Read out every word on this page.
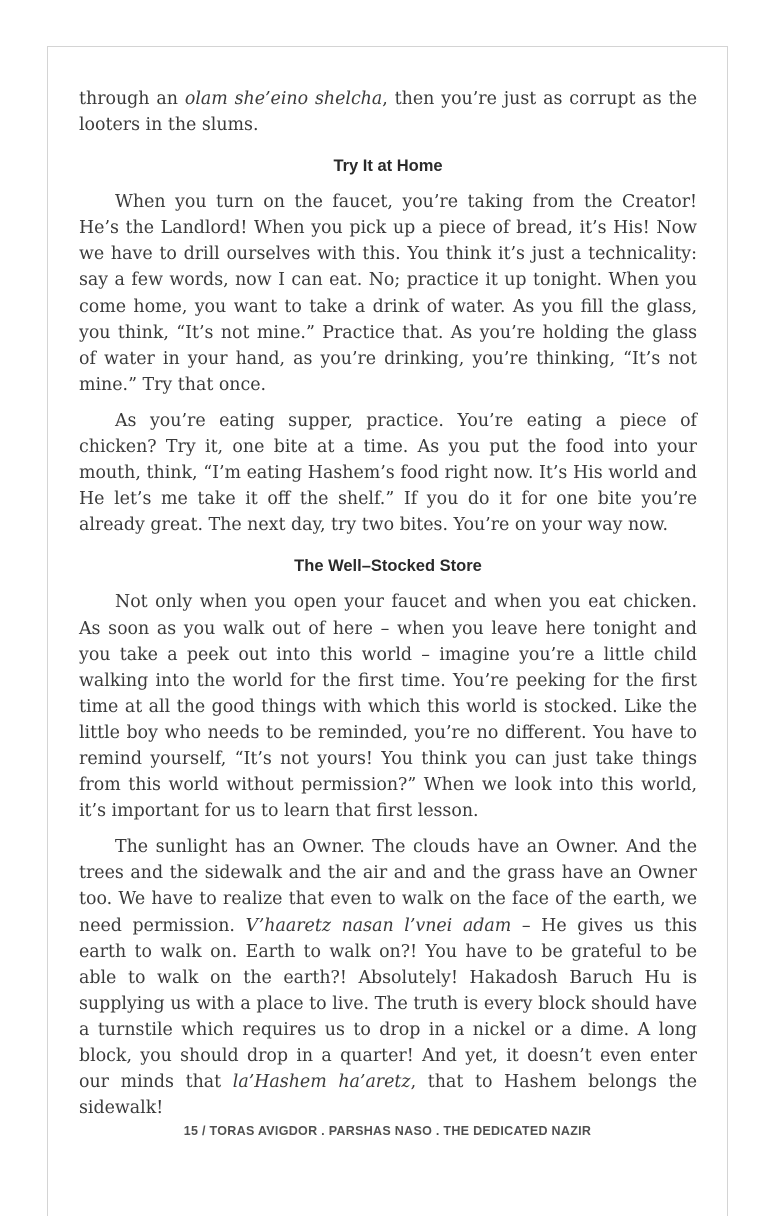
through an olam she’eino shelcha, then you’re just as corrupt as the looters in the slums.

Try It at Home

When you turn on the faucet, you’re taking from the Creator! He’s the Landlord! When you pick up a piece of bread, it’s His! Now we have to drill ourselves with this. You think it’s just a technicality: say a few words, now I can eat. No; practice it up tonight. When you come home, you want to take a drink of water. As you fill the glass, you think, “It’s not mine.” Practice that. As you’re holding the glass of water in your hand, as you’re drinking, you’re thinking, “It’s not mine.” Try that once.

As you’re eating supper, practice. You’re eating a piece of chicken? Try it, one bite at a time. As you put the food into your mouth, think, “I’m eating Hashem’s food right now. It’s His world and He let’s me take it off the shelf.” If you do it for one bite you’re already great. The next day, try two bites. You’re on your way now.

The Well–Stocked Store

Not only when you open your faucet and when you eat chicken. As soon as you walk out of here – when you leave here tonight and you take a peek out into this world – imagine you’re a little child walking into the world for the first time. You’re peeking for the first time at all the good things with which this world is stocked. Like the little boy who needs to be reminded, you’re no different. You have to remind yourself, “It’s not yours! You think you can just take things from this world without permission?” When we look into this world, it’s important for us to learn that first lesson.

The sunlight has an Owner. The clouds have an Owner. And the trees and the sidewalk and the air and and the grass have an Owner too. We have to realize that even to walk on the face of the earth, we need permission. V’haaretz nasan l’vnei adam – He gives us this earth to walk on. Earth to walk on?! You have to be grateful to be able to walk on the earth?! Absolutely! Hakadosh Baruch Hu is supplying us with a place to live. The truth is every block should have a turnstile which requires us to drop in a nickel or a dime. A long block, you should drop in a quarter! And yet, it doesn’t even enter our minds that la’Hashem ha’aretz, that to Hashem belongs the sidewalk!

15 / TORAS AVIGDOR . PARSHAS NASO . THE DEDICATED NAZIR
